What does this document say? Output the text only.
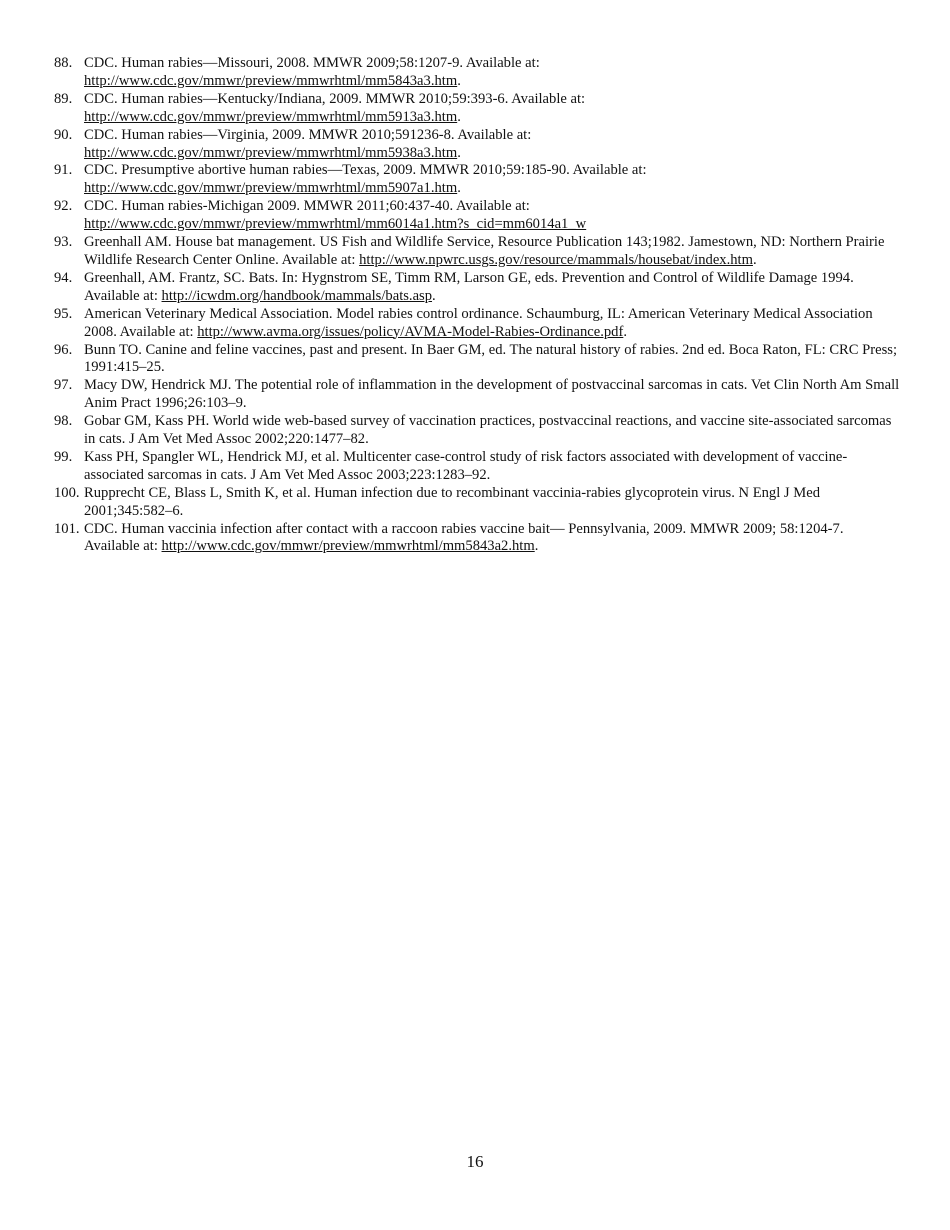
88. CDC. Human rabies—Missouri, 2008. MMWR 2009;58:1207-9. Available at: http://www.cdc.gov/mmwr/preview/mmwrhtml/mm5843a3.htm.
89. CDC. Human rabies—Kentucky/Indiana, 2009. MMWR 2010;59:393-6. Available at: http://www.cdc.gov/mmwr/preview/mmwrhtml/mm5913a3.htm.
90. CDC. Human rabies—Virginia, 2009. MMWR 2010;591236-8. Available at: http://www.cdc.gov/mmwr/preview/mmwrhtml/mm5938a3.htm.
91. CDC. Presumptive abortive human rabies—Texas, 2009. MMWR 2010;59:185-90. Available at: http://www.cdc.gov/mmwr/preview/mmwrhtml/mm5907a1.htm.
92. CDC. Human rabies-Michigan 2009. MMWR 2011;60:437-40. Available at: http://www.cdc.gov/mmwr/preview/mmwrhtml/mm6014a1.htm?s_cid=mm6014a1_w
93. Greenhall AM. House bat management. US Fish and Wildlife Service, Resource Publication 143;1982. Jamestown, ND: Northern Prairie Wildlife Research Center Online. Available at: http://www.npwrc.usgs.gov/resource/mammals/housebat/index.htm.
94. Greenhall, AM. Frantz, SC. Bats. In: Hygnstrom SE, Timm RM, Larson GE, eds. Prevention and Control of Wildlife Damage 1994. Available at: http://icwdm.org/handbook/mammals/bats.asp.
95. American Veterinary Medical Association. Model rabies control ordinance. Schaumburg, IL: American Veterinary Medical Association 2008. Available at: http://www.avma.org/issues/policy/AVMA-Model-Rabies-Ordinance.pdf.
96. Bunn TO. Canine and feline vaccines, past and present. In Baer GM, ed. The natural history of rabies. 2nd ed. Boca Raton, FL: CRC Press; 1991:415–25.
97. Macy DW, Hendrick MJ. The potential role of inflammation in the development of postvaccinal sarcomas in cats. Vet Clin North Am Small Anim Pract 1996;26:103–9.
98. Gobar GM, Kass PH. World wide web-based survey of vaccination practices, postvaccinal reactions, and vaccine site-associated sarcomas in cats. J Am Vet Med Assoc 2002;220:1477–82.
99. Kass PH, Spangler WL, Hendrick MJ, et al. Multicenter case-control study of risk factors associated with development of vaccine-associated sarcomas in cats. J Am Vet Med Assoc 2003;223:1283–92.
100. Rupprecht CE, Blass L, Smith K, et al. Human infection due to recombinant vaccinia-rabies glycoprotein virus. N Engl J Med 2001;345:582–6.
101. CDC. Human vaccinia infection after contact with a raccoon rabies vaccine bait— Pennsylvania, 2009. MMWR 2009; 58:1204-7. Available at: http://www.cdc.gov/mmwr/preview/mmwrhtml/mm5843a2.htm.
16
